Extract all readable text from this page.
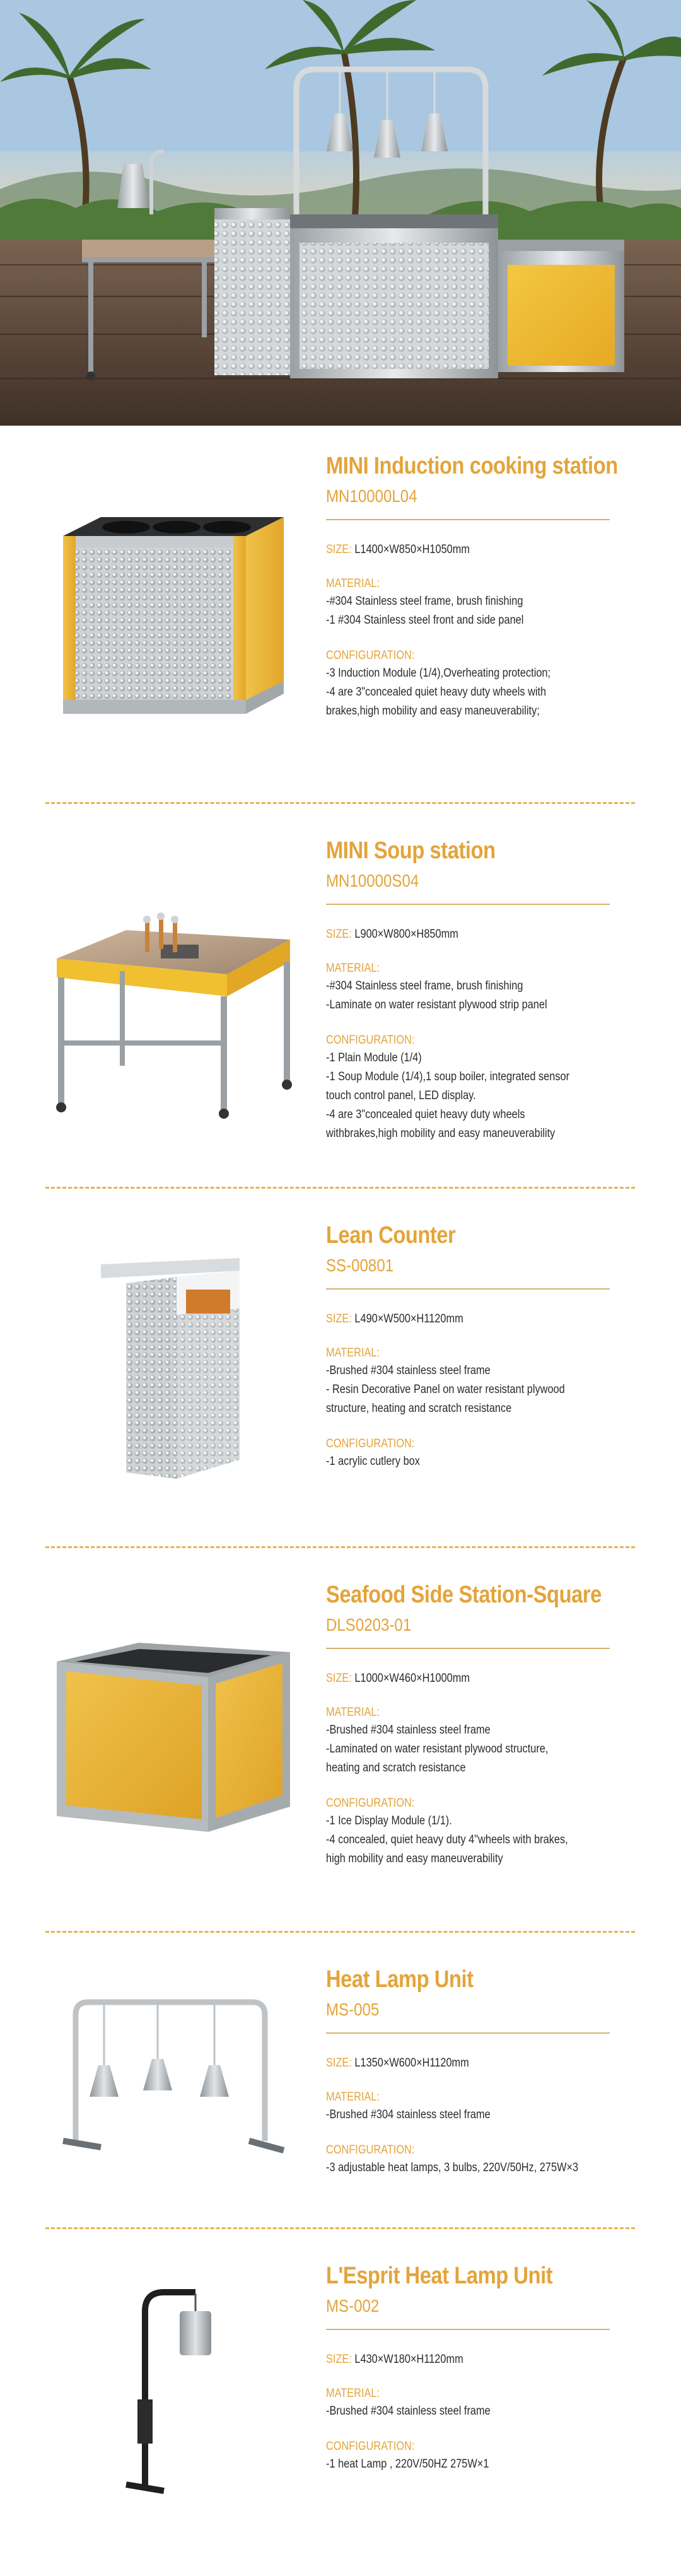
MINI Induction cooking station
MN10000L04
SIZE: L1400×W850×H1050mm
MATERIAL:
-#304 Stainless steel frame, brush finishing
-1 #304 Stainless steel front and side panel
CONFIGURATION:
-3 Induction Module (1/4),Overheating protection;
-4 are 3"concealed quiet heavy duty wheels with
brakes,high mobility and easy maneuverability;
MINI Soup station
MN10000S04
SIZE: L900×W800×H850mm
MATERIAL:
-#304 Stainless steel frame, brush finishing
-Laminate on water resistant plywood strip panel
CONFIGURATION:
-1 Plain Module (1/4)
-1 Soup Module (1/4),1 soup boiler, integrated sensor
touch control panel, LED display.
-4 are 3"concealed quiet heavy duty wheels
withbrakes,high mobility and easy maneuverability
Lean Counter
SS-00801
SIZE: L490×W500×H1120mm
MATERIAL:
-Brushed #304 stainless steel frame
- Resin Decorative Panel on water resistant plywood
structure, heating and scratch resistance
CONFIGURATION:
-1 acrylic cutlery box
Seafood Side Station-Square
DLS0203-01
SIZE: L1000×W460×H1000mm
MATERIAL:
-Brushed #304 stainless steel frame
-Laminated on water resistant plywood structure,
heating and scratch resistance
CONFIGURATION:
-1 Ice Display Module (1/1).
-4 concealed, quiet heavy duty 4"wheels with brakes,
high mobility and easy maneuverability
Heat Lamp Unit
MS-005
SIZE: L1350×W600×H1120mm
MATERIAL:
-Brushed #304 stainless steel frame
CONFIGURATION:
-3 adjustable heat lamps, 3 bulbs, 220V/50Hz, 275W×3
L'Esprit Heat Lamp Unit
MS-002
SIZE: L430×W180×H1120mm
MATERIAL:
-Brushed #304 stainless steel frame
CONFIGURATION:
-1 heat Lamp , 220V/50HZ 275W×1
